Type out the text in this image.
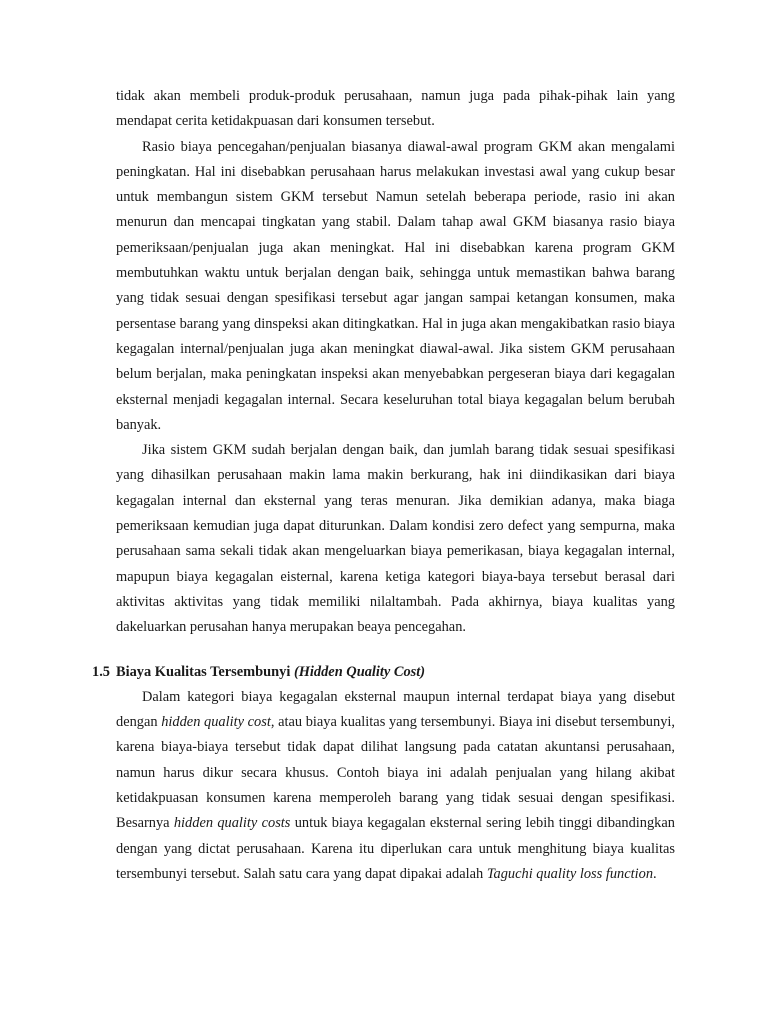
tidak akan membeli produk-produk perusahaan, namun juga pada pihak-pihak lain yang mendapat cerita ketidakpuasan dari konsumen tersebut.

Rasio biaya pencegahan/penjualan biasanya diawal-awal program GKM akan mengalami peningkatan. Hal ini disebabkan perusahaan harus melakukan investasi awal yang cukup besar untuk membangun sistem GKM tersebut Namun setelah beberapa periode, rasio ini akan menurun dan mencapai tingkatan yang stabil. Dalam tahap awal GKM biasanya rasio biaya pemeriksaan/penjualan juga akan meningkat. Hal ini disebabkan karena program GKM membutuhkan waktu untuk berjalan dengan baik, sehingga untuk memastikan bahwa barang yang tidak sesuai dengan spesifikasi tersebut agar jangan sampai ketangan konsumen, maka persentase barang yang dinspeksi akan ditingkatkan. Hal in juga akan mengakibatkan rasio biaya kegagalan internal/penjualan juga akan meningkat diawal-awal. Jika sistem GKM perusahaan belum berjalan, maka peningkatan inspeksi akan menyebabkan pergeseran biaya dari kegagalan eksternal menjadi kegagalan internal. Secara keseluruhan total biaya kegagalan belum berubah banyak.

Jika sistem GKM sudah berjalan dengan baik, dan jumlah barang tidak sesuai spesifikasi yang dihasilkan perusahaan makin lama makin berkurang, hak ini diindikasikan dari biaya kegagalan internal dan eksternal yang teras menuran. Jika demikian adanya, maka biaga pemeriksaan kemudian juga dapat diturunkan. Dalam kondisi zero defect yang sempurna, maka perusahaan sama sekali tidak akan mengeluarkan biaya pemerikasan, biaya kegagalan internal, mapupun biaya kegagalan eisternal, karena ketiga kategori biaya-baya tersebut berasal dari aktivitas aktivitas yang tidak memiliki nilaltambah. Pada akhirnya, biaya kualitas yang dakeluarkan perusahan hanya merupakan beaya pencegahan.

1.5 Biaya Kualitas Tersembunyi (Hidden Quality Cost)

Dalam kategori biaya kegagalan eksternal maupun internal terdapat biaya yang disebut dengan hidden quality cost, atau biaya kualitas yang tersembunyi. Biaya ini disebut tersembunyi, karena biaya-biaya tersebut tidak dapat dilihat langsung pada catatan akuntansi perusahaan, namun harus dikur secara khusus. Contoh biaya ini adalah penjualan yang hilang akibat ketidakpuasan konsumen karena memperoleh barang yang tidak sesuai dengan spesifikasi. Besarnya hidden quality costs untuk biaya kegagalan eksternal sering lebih tinggi dibandingkan dengan yang dictat perusahaan. Karena itu diperlukan cara untuk menghitung biaya kualitas tersembunyi tersebut. Salah satu cara yang dapat dipakai adalah Taguchi quality loss function.
